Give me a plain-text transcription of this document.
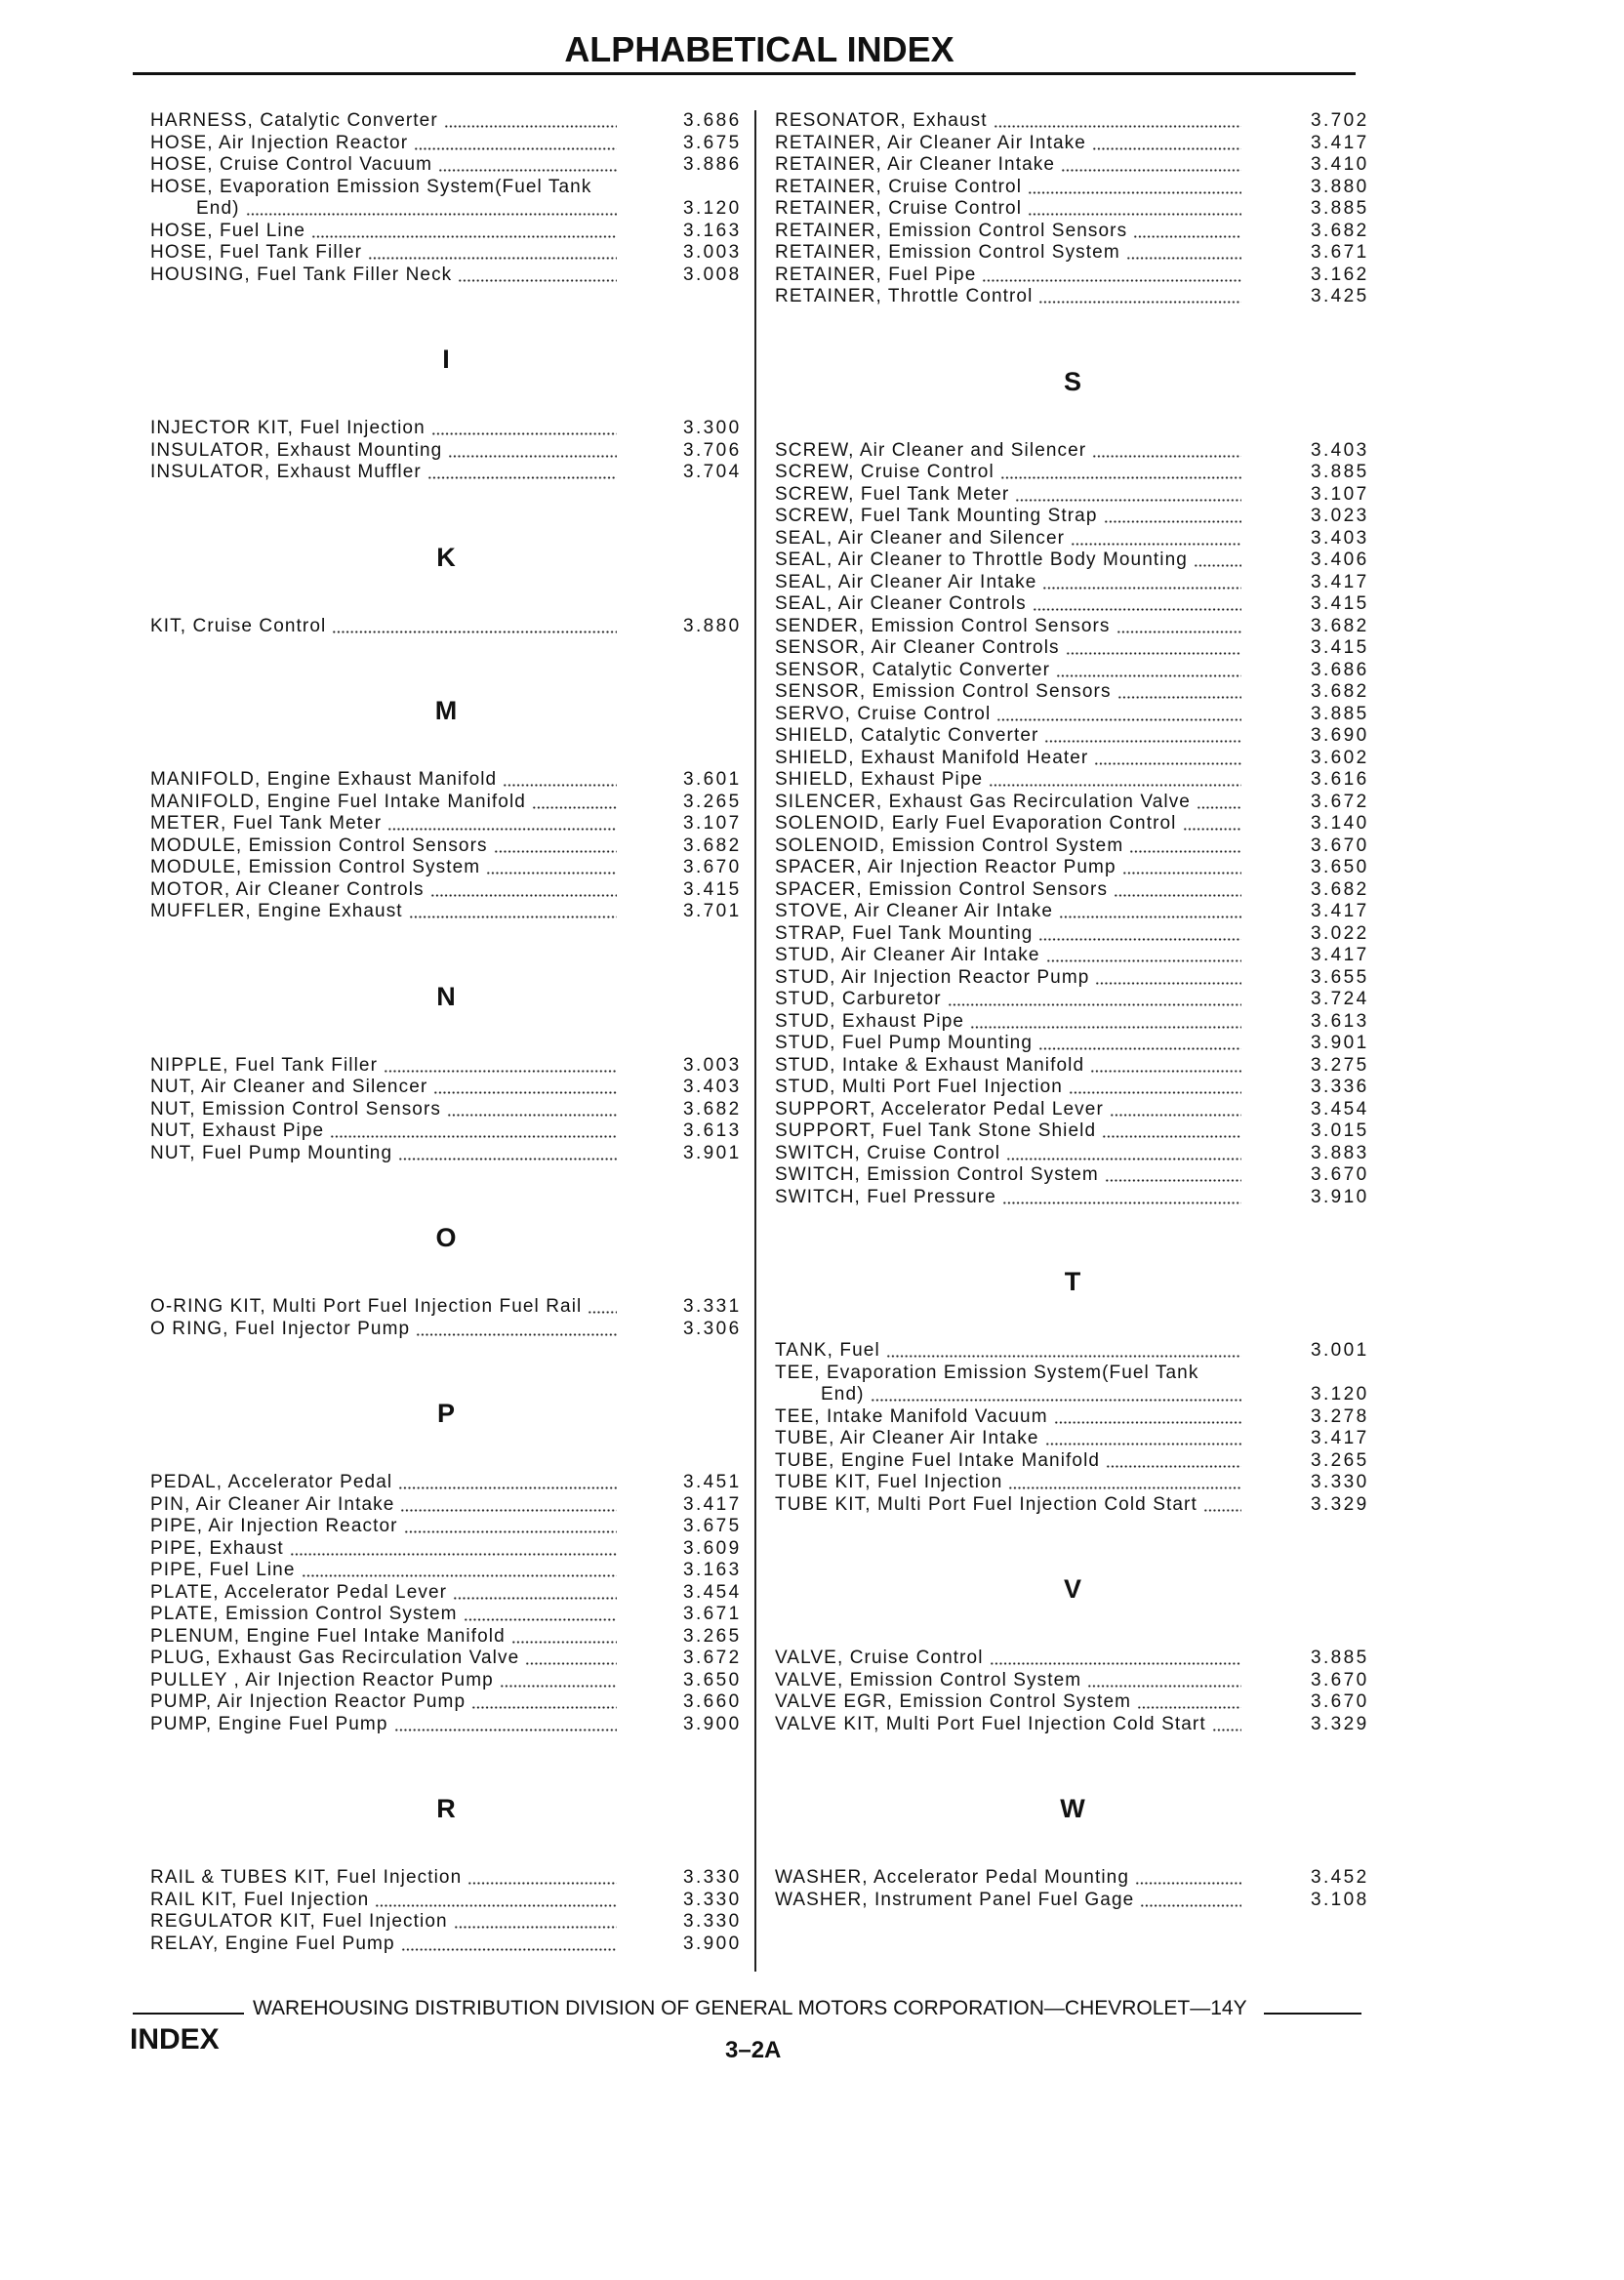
ALPHABETICAL INDEX
HARNESS, Catalytic Converter	3.686
HOSE, Air Injection Reactor	3.675
HOSE, Cruise Control Vacuum	3.886
HOSE, Evaporation Emission System(Fuel Tank
End)	3.120
HOSE, Fuel Line	3.163
HOSE, Fuel Tank Filler	3.003
HOUSING, Fuel Tank Filler Neck	3.008
I
INJECTOR KIT, Fuel Injection	3.300
INSULATOR, Exhaust Mounting	3.706
INSULATOR, Exhaust Muffler	3.704
K
KIT, Cruise Control	3.880
M
MANIFOLD, Engine Exhaust Manifold	3.601
MANIFOLD, Engine Fuel Intake Manifold	3.265
METER, Fuel Tank Meter	3.107
MODULE, Emission Control Sensors	3.682
MODULE, Emission Control System	3.670
MOTOR, Air Cleaner Controls	3.415
MUFFLER, Engine Exhaust	3.701
N
NIPPLE, Fuel Tank Filler	3.003
NUT, Air Cleaner and Silencer	3.403
NUT, Emission Control Sensors	3.682
NUT, Exhaust Pipe	3.613
NUT, Fuel Pump Mounting	3.901
O
O-RING KIT, Multi Port Fuel Injection Fuel Rail	3.331
O RING, Fuel Injector Pump	3.306
P
PEDAL, Accelerator Pedal	3.451
PIN, Air Cleaner Air Intake	3.417
PIPE, Air Injection Reactor	3.675
PIPE, Exhaust	3.609
PIPE, Fuel Line	3.163
PLATE, Accelerator Pedal Lever	3.454
PLATE, Emission Control System	3.671
PLENUM, Engine Fuel Intake Manifold	3.265
PLUG, Exhaust Gas Recirculation Valve	3.672
PULLEY , Air Injection Reactor Pump	3.650
PUMP, Air Injection Reactor Pump	3.660
PUMP, Engine Fuel Pump	3.900
R
RAIL & TUBES KIT, Fuel Injection	3.330
RAIL KIT, Fuel Injection	3.330
REGULATOR KIT, Fuel Injection	3.330
RELAY, Engine Fuel Pump	3.900
RESONATOR, Exhaust	3.702
RETAINER, Air Cleaner Air Intake	3.417
RETAINER, Air Cleaner Intake	3.410
RETAINER, Cruise Control	3.880
RETAINER, Cruise Control	3.885
RETAINER, Emission Control Sensors	3.682
RETAINER, Emission Control System	3.671
RETAINER, Fuel Pipe	3.162
RETAINER, Throttle Control	3.425
S
SCREW, Air Cleaner and Silencer	3.403
SCREW, Cruise Control	3.885
SCREW, Fuel Tank Meter	3.107
SCREW, Fuel Tank Mounting Strap	3.023
SEAL, Air Cleaner and Silencer	3.403
SEAL, Air Cleaner to Throttle Body Mounting	3.406
SEAL, Air Cleaner Air Intake	3.417
SEAL, Air Cleaner Controls	3.415
SENDER, Emission Control Sensors	3.682
SENSOR, Air Cleaner Controls	3.415
SENSOR, Catalytic Converter	3.686
SENSOR, Emission Control Sensors	3.682
SERVO, Cruise Control	3.885
SHIELD, Catalytic Converter	3.690
SHIELD, Exhaust Manifold Heater	3.602
SHIELD, Exhaust Pipe	3.616
SILENCER, Exhaust Gas Recirculation Valve	3.672
SOLENOID, Early Fuel Evaporation Control	3.140
SOLENOID, Emission Control System	3.670
SPACER, Air Injection Reactor Pump	3.650
SPACER, Emission Control Sensors	3.682
STOVE, Air Cleaner Air Intake	3.417
STRAP, Fuel Tank Mounting	3.022
STUD, Air Cleaner Air Intake	3.417
STUD, Air Injection Reactor Pump	3.655
STUD, Carburetor	3.724
STUD, Exhaust Pipe	3.613
STUD, Fuel Pump Mounting	3.901
STUD, Intake & Exhaust Manifold	3.275
STUD, Multi Port Fuel Injection	3.336
SUPPORT, Accelerator Pedal Lever	3.454
SUPPORT, Fuel Tank Stone Shield	3.015
SWITCH, Cruise Control	3.883
SWITCH, Emission Control System	3.670
SWITCH, Fuel Pressure	3.910
T
TANK, Fuel	3.001
TEE, Evaporation Emission System(Fuel Tank
End)	3.120
TEE, Intake Manifold Vacuum	3.278
TUBE, Air Cleaner Air Intake	3.417
TUBE, Engine Fuel Intake Manifold	3.265
TUBE KIT, Fuel Injection	3.330
TUBE KIT, Multi Port Fuel Injection Cold Start	3.329
V
VALVE, Cruise Control	3.885
VALVE, Emission Control System	3.670
VALVE EGR, Emission Control System	3.670
VALVE KIT, Multi Port Fuel Injection Cold Start	3.329
W
WASHER, Accelerator Pedal Mounting	3.452
WASHER, Instrument Panel Fuel Gage	3.108
WAREHOUSING DISTRIBUTION DIVISION OF GENERAL MOTORS CORPORATION—CHEVROLET—14Y
INDEX	3–2A
